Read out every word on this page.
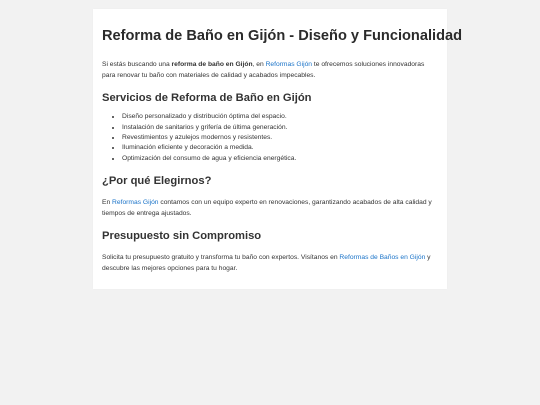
Reforma de Baño en Gijón - Diseño y Funcionalidad

Si estás buscando una reforma de baño en Gijón, en Reformas Gijón te ofrecemos soluciones innovadoras para renovar tu baño con materiales de calidad y acabados impecables.

Servicios de Reforma de Baño en Gijón
• Diseño personalizado y distribución óptima del espacio.
• Instalación de sanitarios y grifería de última generación.
• Revestimientos y azulejos modernos y resistentes.
• Iluminación eficiente y decoración a medida.
• Optimización del consumo de agua y eficiencia energética.
¿Por qué Elegirnos?

En Reformas Gijón contamos con un equipo experto en renovaciones, garantizando acabados de alta calidad y tiempos de entrega ajustados.

Presupuesto sin Compromiso

Solicita tu presupuesto gratuito y transforma tu baño con expertos. Visítanos en Reformas de Baños en Gijón y descubre las mejores opciones para tu hogar.
